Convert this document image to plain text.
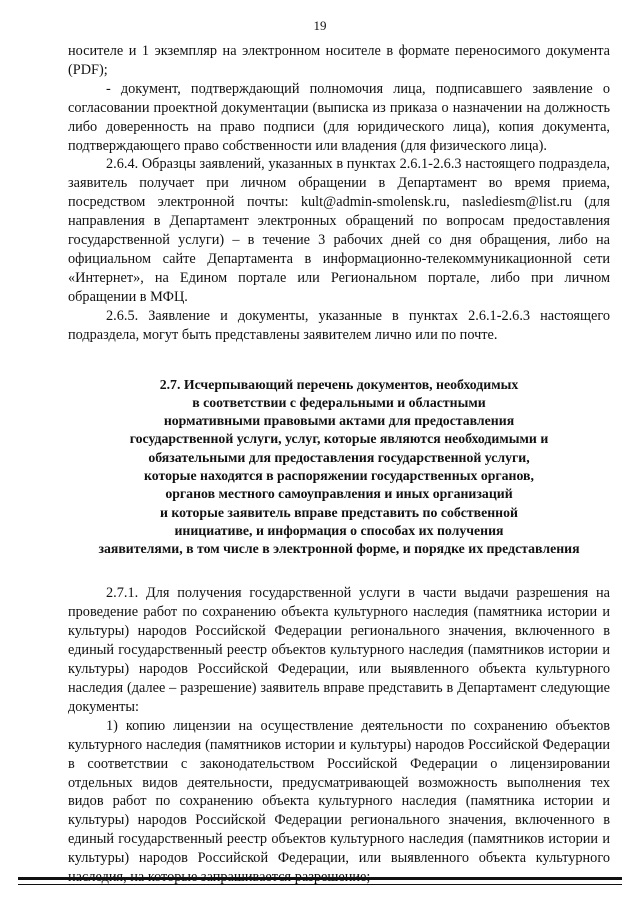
19

носителе и 1 экземпляр на электронном носителе в формате переносимого документа (PDF);

- документ, подтверждающий полномочия лица, подписавшего заявление о согласовании проектной документации (выписка из приказа о назначении на должность либо доверенность на право подписи (для юридического лица), копия документа, подтверждающего право собственности или владения (для физического лица).

2.6.4. Образцы заявлений, указанных в пунктах 2.6.1-2.6.3 настоящего подраздела, заявитель получает при личном обращении в Департамент во время приема, посредством электронной почты: kult@admin-smolensk.ru, naslediesm@list.ru (для направления в Департамент электронных обращений по вопросам предоставления государственной услуги) – в течение 3 рабочих дней со дня обращения, либо на официальном сайте Департамента в информационно-телекоммуникационной сети «Интернет», на Едином портале или Региональном портале, либо при личном обращении в МФЦ.

2.6.5. Заявление и документы, указанные в пунктах 2.6.1-2.6.3 настоящего подраздела, могут быть представлены заявителем лично или по почте.

2.7. Исчерпывающий перечень документов, необходимых
в соответствии с федеральными и областными
нормативными правовыми актами для предоставления
государственной услуги, услуг, которые являются необходимыми и
обязательными для предоставления государственной услуги,
которые находятся в распоряжении государственных органов,
органов местного самоуправления и иных организаций
и которые заявитель вправе представить по собственной
инициативе, и информация о способах их получения
заявителями, в том числе в электронной форме, и порядке их представления

2.7.1. Для получения государственной услуги в части выдачи разрешения на проведение работ по сохранению объекта культурного наследия (памятника истории и культуры) народов Российской Федерации регионального значения, включенного в единый государственный реестр объектов культурного наследия (памятников истории и культуры) народов Российской Федерации, или выявленного объекта культурного наследия (далее – разрешение) заявитель вправе представить в Департамент следующие документы:

1) копию лицензии на осуществление деятельности по сохранению объектов культурного наследия (памятников истории и культуры) народов Российской Федерации в соответствии с законодательством Российской Федерации о лицензировании отдельных видов деятельности, предусматривающей возможность выполнения тех видов работ по сохранению объекта культурного наследия (памятника истории и культуры) народов Российской Федерации регионального значения, включенного в единый государственный реестр объектов культурного наследия (памятников истории и культуры) народов Российской Федерации, или выявленного объекта культурного
